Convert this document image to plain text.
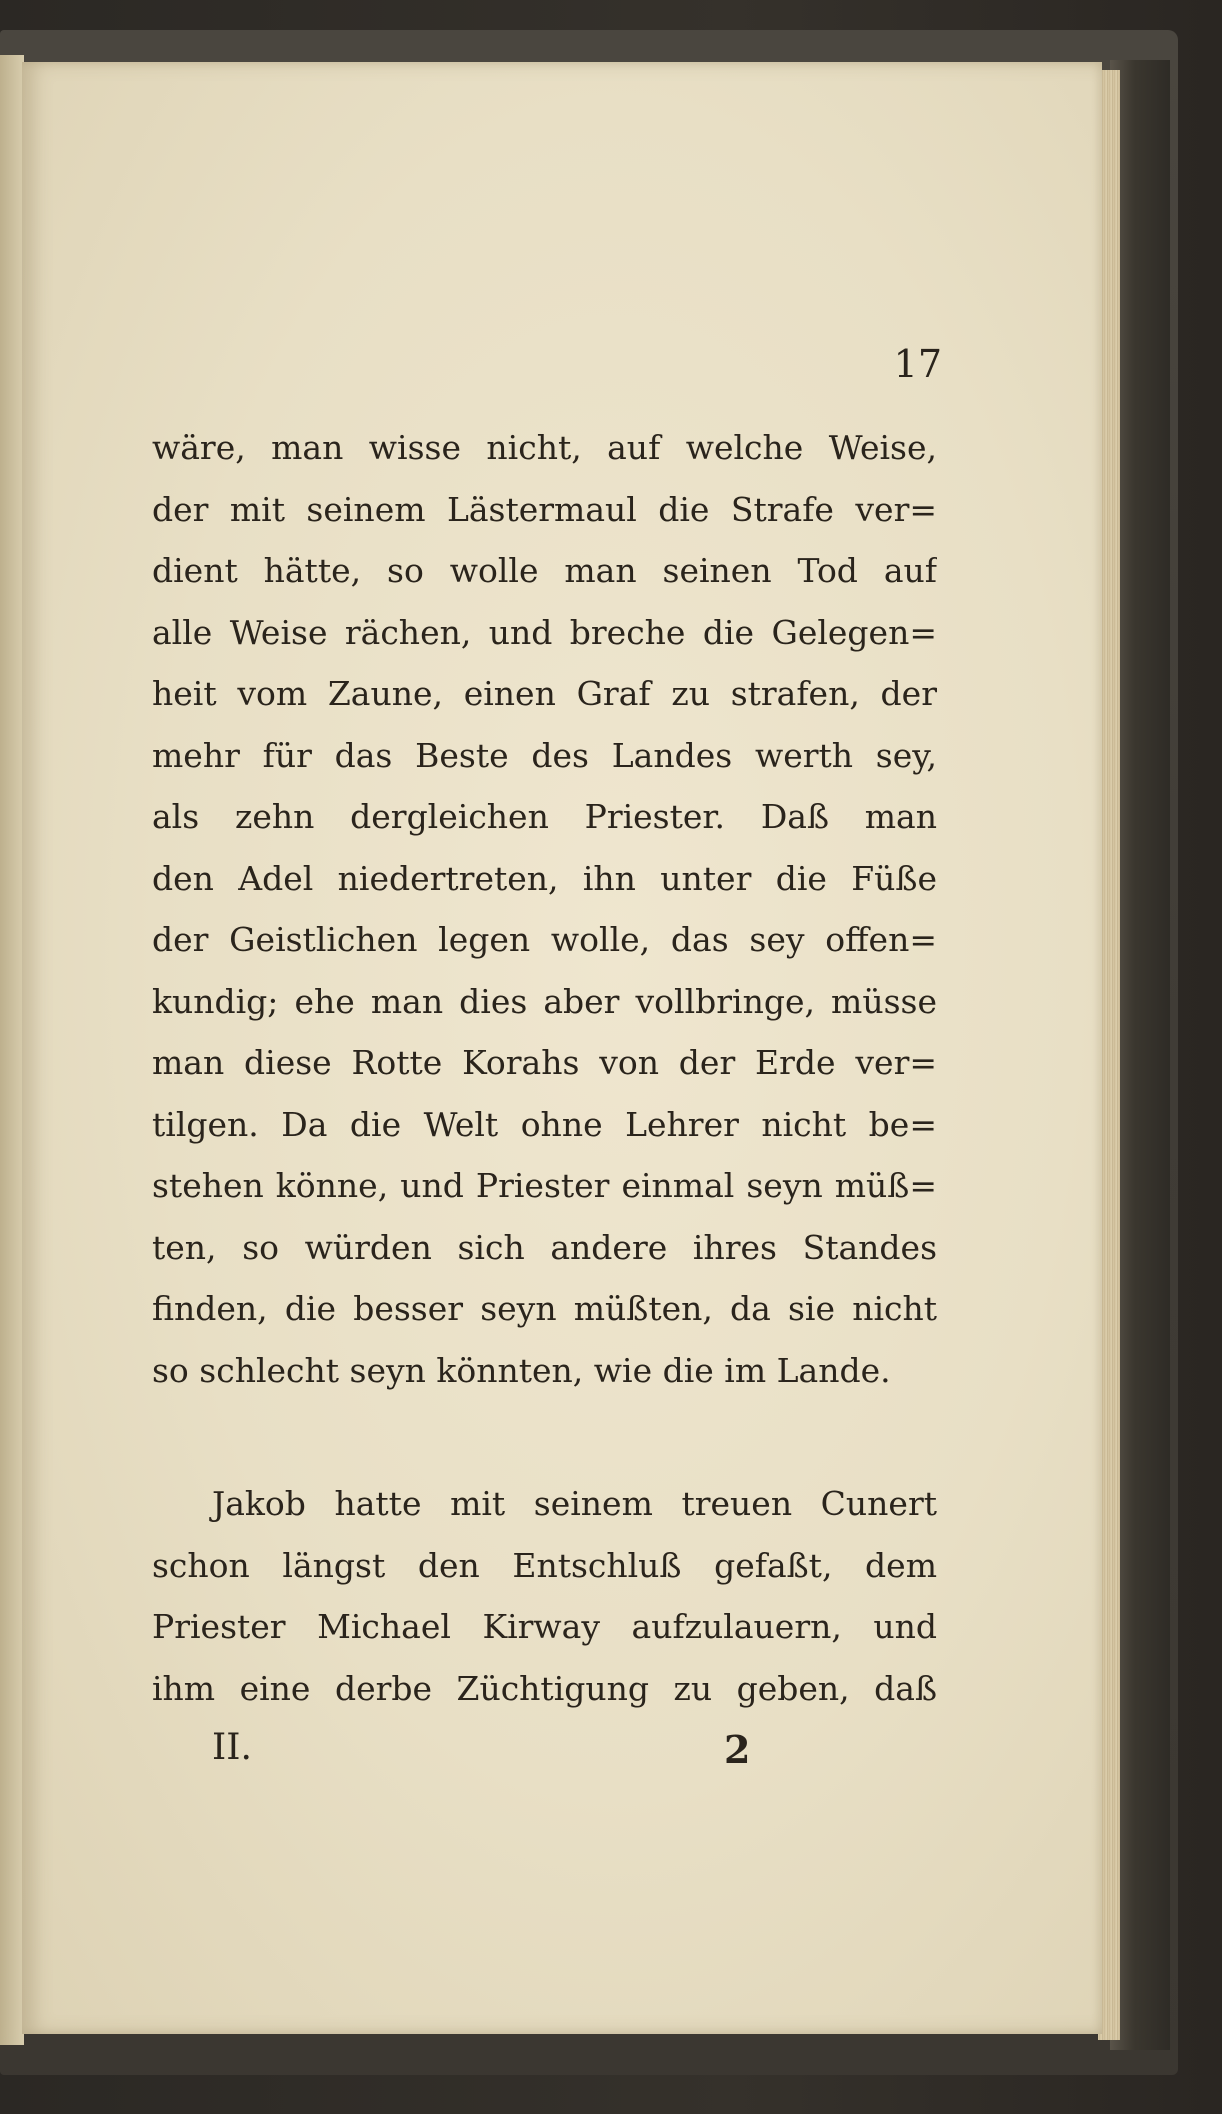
17
wäre, man wisse nicht, auf welche Weise,
der mit seinem Lästermaul die Strafe ver=
dient hätte, so wolle man seinen Tod auf
alle Weise rächen, und breche die Gelegen=
heit vom Zaune, einen Graf zu strafen, der
mehr für das Beste des Landes werth sey,
als zehn dergleichen Priester. Daß man
den Adel niedertreten, ihn unter die Füße
der Geistlichen legen wolle, das sey offen=
kundig; ehe man dies aber vollbringe, müsse
man diese Rotte Korahs von der Erde ver=
tilgen. Da die Welt ohne Lehrer nicht be=
stehen könne, und Priester einmal seyn müß=
ten, so würden sich andere ihres Standes
finden, die besser seyn müßten, da sie nicht
so schlecht seyn könnten, wie die im Lande.
Jakob hatte mit seinem treuen Cunert
schon längst den Entschluß gefaßt, dem
Priester Michael Kirway aufzulauern, und
ihm eine derbe Züchtigung zu geben, daß
II.	2
